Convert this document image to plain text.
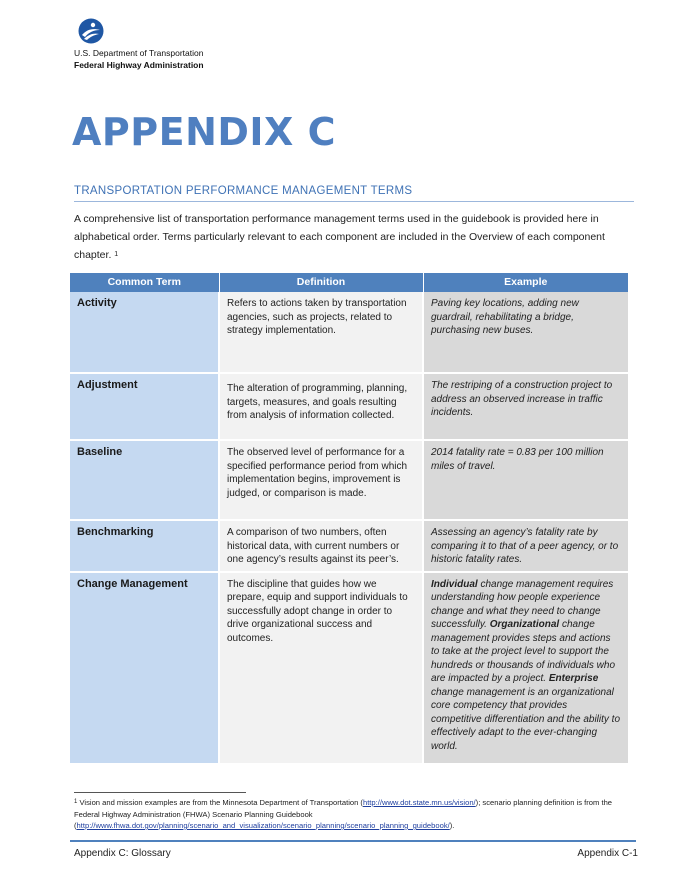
U.S. Department of Transportation
Federal Highway Administration
APPENDIX C
TRANSPORTATION PERFORMANCE MANAGEMENT TERMS

A comprehensive list of transportation performance management terms used in the guidebook is provided here in alphabetical order. Terms particularly relevant to each component are included in the Overview of each component chapter. $^1$

Common Term	Definition	Example
Activity	Refers to actions taken by transportation agencies, such as projects, related to strategy implementation.	Paving key locations, adding new guardrail, rehabilitating a bridge, purchasing new buses.

Adjustment	The alteration of programming, planning, targets, measures, and goals resulting from analysis of information collected.	The restriping of a construction project to address an observed increase in traffic incidents.

Baseline	The observed level of performance for a specified performance period from which implementation begins, improvement is judged, or comparison is made.	2014 fatality rate = 0.83 per 100 million miles of travel.

Benchmarking	A comparison of two numbers, often historical data, with current numbers or one agency’s results against its peer’s.	Assessing an agency’s fatality rate by comparing it to that of a peer agency, or to historic fatality rates.

Change Management	The discipline that guides how we prepare, equip and support individuals to successfully adopt change in order to drive organizational success and outcomes.	Individual change management requires understanding how people experience change and what they need to change successfully. Organizational change management provides steps and actions to take at the project level to support the hundreds or thousands of individuals who are impacted by a project. Enterprise change management is an organizational core competency that provides competitive differentiation and the ability to effectively adapt to the ever-changing world.

$^1$ Vision and mission examples are from the Minnesota Department of Transportation (http://www.dot.state.mn.us/vision/); scenario planning definition is from the Federal Highway Administration (FHWA) Scenario Planning Guidebook (http://www.fhwa.dot.gov/planning/scenario_and_visualization/scenario_planning/scenario_planning_guidebook/).

Appendix C: Glossary	Appendix C-1
